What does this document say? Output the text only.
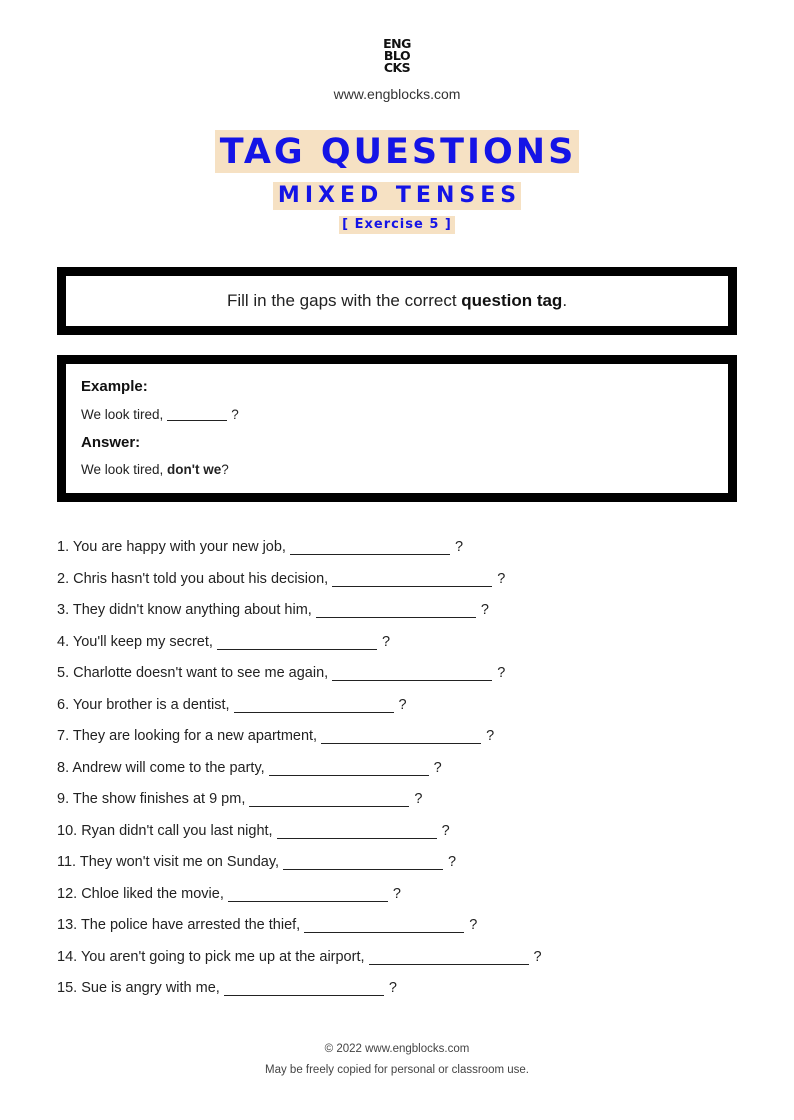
ENG
BLO
CKS
www.engblocks.com
TAG QUESTIONS
MIXED TENSES
[ Exercise 5 ]
Fill in the gaps with the correct question tag.
Example:
We look tired,	?
Answer:
We look tired, don't we?
1. You are happy with your new job,	?
2. Chris hasn't told you about his decision,	?
3. They didn't know anything about him,	?
4. You'll keep my secret,	?
5. Charlotte doesn't want to see me again,	?
6. Your brother is a dentist,	?
7. They are looking for a new apartment,	?
8. Andrew will come to the party,	?
9. The show finishes at 9 pm,	?
10. Ryan didn't call you last night,	?
11. They won't visit me on Sunday,	?
12. Chloe liked the movie,	?
13. The police have arrested the thief,	?
14. You aren't going to pick me up at the airport,	?
15. Sue is angry with me,	?
© 2022 www.engblocks.com
May be freely copied for personal or classroom use.
